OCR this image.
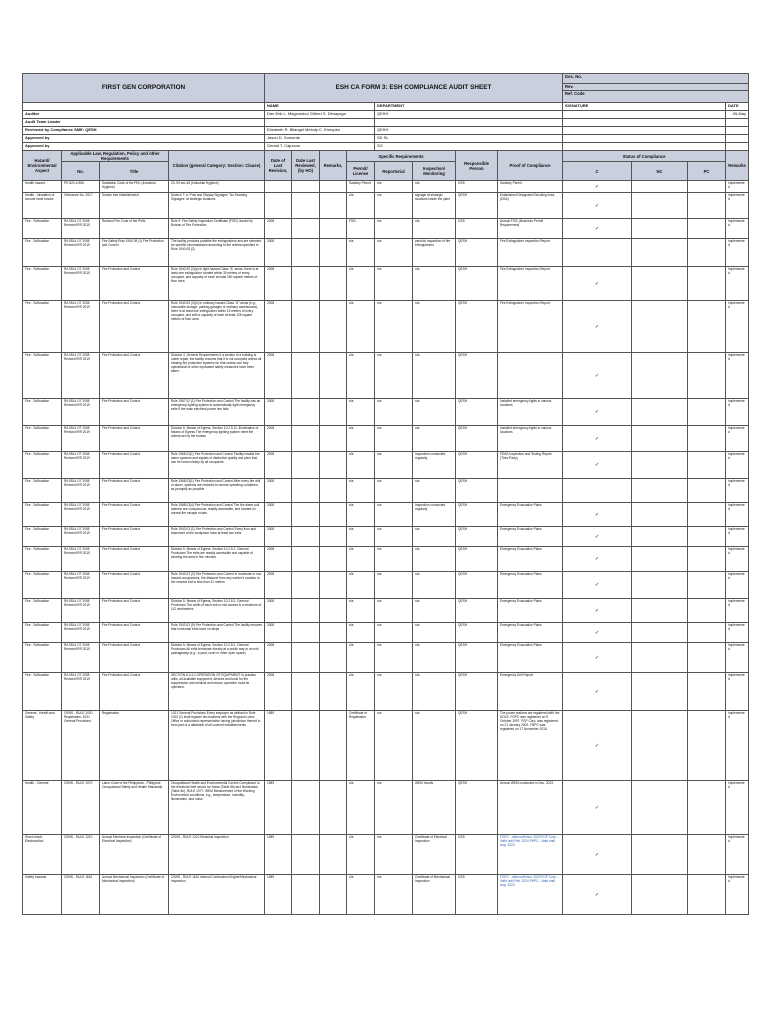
FIRST GEN CORPORATION				ESH CA FORM 3: ESH COMPLIANCE AUDIT SHEET								Doc. No.			
												Rev.			
												Ref. Code			
				NAME				DEPARTMENT				SIGNATURE			DATE
Auditor				Dan Erik L. Magcombo/ Gilbert S. Dimayuga				QESH							05-May
Audit Team Leader															
Reviewed by Compliance SME: QESH				Elizabeth R. Bilangel Melody C. Enriquez				QESH							
Approved by				Jason D. Somonte				SD SL							
Approved by				Gerald T. Cajucom				SG							
Hazard/ Environmental Aspect	Applicable Law, Regulation, Policy and other Requirements		Citation (general Category: Section: Clause)	Date of Last Revision,	Date Last Reviewed, (by HO)	Remarks,	Specific Requirements			Responsible Person	Proof of Compliance	Status of Compliance			Remarks
	No.	Title					Permit/ License	Reportorial	Inspection/ Monitoring			C	NC	PC	

Health hazard	PD 522 & 856	Sanitation Code of the Phil. (Industrial Hygiene)	Ch.VII sec.45 (Industrial Hygiene)				Sanitary Permit	n/a	n/a	GSS	Sanitary Permit	✓			Implemented
Health - inhalation of second hand smoke	Ordinance No. 2017	Smoke free establishment	Section 7: a. Post and Display Signages "No Smoking Signages" at strategic locations				n/a	n/a	signage at strategic locations inside the plant	QESH	Established Designated Smoking Area (DSA)	✓			Implemented
Fire - Suffocation	RA 9514 OT 2008 Revised IRR 2019	Revised Fire Code of the Phils.	Rule 9. Fire Safety Inspection Certificate (FSIC) issued by Bureau of Fire Protection	2008			FSIC	n/a	n/a	GSS	Annual FSIC (Business Permit Requirement)	✓			Implemented
Fire - Suffocation	RA 9514 OT 2008 Revised IRR 2019	Fire Safety Rule 1940.05 (1) Fire Protection and Control	The facility provides portable fire extinguishers and are selected for specific circumstances according to the criteria specified in Rule 1940.05 (2)	2008			n/a	n/a	periodic inspection of fire extinguishers	QESH	Fire Extinguisher Inspection Report				Implemented
Fire - Suffocation	RA 9514 OT 2008 Revised IRR 2019	Fire Protection and Control	Rule 1940.05 (3)(a) In light hazard Class "A" areas, there is at least one extinguisher located within 30 meters of every occupant, and capacity of each at least 250 square meters of floor area	2008			n/a	n/a	n/a	QESH	Fire Extinguisher Inspection Report	✓			Implemented
Fire - Suffocation	RA 9514 OT 2008 Revised IRR 2019	Fire Protection and Control	Rule 1940.05 (3)(b) In ordinary hazard Class "A" areas (e.g., mercantile storage, parking garages or ordinary warehouses), there is at least one extinguisher within 15 meters of every occupant, and with a capacity of each at least 125 square meters of floor area	2008			n/a	n/a	n/a	QESH	Fire Extinguisher Inspection Report	✓			Implemented
Fire - Suffocation	RA 9514 OT 2008 Revised IRR 2019	Fire Protection and Control	Division 3. General Requirements If a section of a building is under repair, the facility ensures that it is not occupied unless all existing fire protection systems for that section are fully operational or other equivalent safety measures have been taken.	2008			n/a	n/a	n/a	QESH		✓			Implemented
Fire - Suffocation	RA 9514 OT 2008 Revised IRR 2019	Fire Protection and Control	Rule 1967.02 (1) Fire Protection and Control The facility has an emergency lighting system to automatically light emergency exits if the main electrical power line fails	2008			n/a	n/a	n/a	QESH	Installed emergency lights in various locations	✓			Implemented
Fire - Suffocation	RA 9514 OT 2008 Revised IRR 2019	Fire Protection and Control	Division 5. Means of Egress, Section 10.2.5.11. Illumination of Means of Egress The emergency lighting system meet the criteria set by the bureau	2008			n/a	n/a	n/a	QESH	Installed emergency lights in various locations	✓			Implemented
Fire - Suffocation	RA 9514 OT 2008 Revised IRR 2019	Fire Protection and Control	Rule 1968.03(1) Fire Protection and Control Facility installs fire alarm systems and signals of distinctive quality and pitch that can be heard clearly by all occupants	2008			n/a	n/a	Inspection conducted regularly	QESH	FDAS Inspection and Testing Report (Third Party)	✓			Implemented
Fire - Suffocation	RA 9514 OT 2008 Revised IRR 2019	Fire Protection and Control	Rule 1968.03(1) Fire Protection and Control After every fire drill or alarm, systems are restored to normal operating conditions as promptly as possible	2008			n/a	n/a	n/a	QESH					Implemented
Fire - Suffocation	RA 9514 OT 2008 Revised IRR 2019	Fire Protection and Control	Rule 1968.03(4) Fire Protection and Control The fire alarm pull stations are conspicuous, readily accessible, and located on normal fire escape routes	2008			n/a	n/a	Inspection conducted regularly	QESH	Emergency Evacuation Plans	✓			Implemented
Fire - Suffocation	RA 9514 OT 2008 Revised IRR 2019	Fire Protection and Control	Rule 1943.03 (1) Fire Protection and Control Every floor and basement of the workplace have at least two exits	2008			n/a	n/a	n/a	QESH	Emergency Evacuation Plans	✓			Implemented
Fire - Suffocation	RA 9514 OT 2008 Revised IRR 2019	Fire Protection and Control	Division 5. Means of Egress, Section 10.2.5.2. General Provisions The exits are readily accessible and capable of clearing the area in five minutes	2008			n/a	n/a	n/a	QESH	Emergency Evacuation Plans	✓			Implemented
Fire - Suffocation	RA 9514 OT 2008 Revised IRR 2019	Fire Protection and Control	Rule 1943.03 (3) Fire Protection and Control In moderate or low hazard occupancies, the distance from any worker's location to the nearest exit is less than 31 meters	2008			n/a	n/a	n/a	QESH	Emergency Evacuation Plans	✓			Implemented
Fire - Suffocation	RA 9514 OT 2008 Revised IRR 2019	Fire Protection and Control	Division 5. Means of Egress, Section 10.2.5.2. General Provisions The width of each exit or exit access is a minimum of 112 centimeters	2008			n/a	n/a	n/a	QESH	Emergency Evacuation Plans	✓			Implemented
Fire - Suffocation	RA 9514 OT 2008 Revised IRR 2019	Fire Protection and Control	Rule 1943.03 (9) Fire Protection and Control The facility ensures that horizontal exits have no steps	2008			n/a	n/a	n/a	QESH	Emergency Evacuation Plans	✓			Implemented
Fire - Suffocation	RA 9514 OT 2008 Revised IRR 2019	Fire Protection and Control	Division 5. Means of Egress, Section 10.2.5.2. General Provisions All exits terminate directly at a public way or an exit passageway (e.g., a yard, court or other open space)	2008			n/a	n/a	n/a	QESH	Emergency Evacuation Plans	✓			Implemented
Fire - Suffocation	RA 9514 OT 2008 Revised IRR 2019	Fire Protection and Control	SECTION 6.0.4.2 OPERATION OF EQUIPMENT In practice drills, all available equipment, devices and tools for fire suppression and medical and rescue operation must be operated.	2008			n/a	n/a	n/a	QESH	Emergency Drill Report	✓			Implemented
General - Health and Safety	OSHS - RULE 1020 Registration, 1021 General Provisions	Registration	1021 General Provisions Every employer as defined in Rule 1002 (1) shall register his business with the Regional Labor Office or authorized representative having jurisdiction thereof to form part of a databank of all covered establishments	1989			Certificate of Registration	n/a	n/a	QESH	The power stations are registered with the DOLE. FGPC was registered on 9 October 1997. FGP Corp. was registered on 21 January 2002. FNPC was registered on 17 November 2016.	✓			Implemented
Health - General	OSHS - RULE 1070	Labor Code of the Philippines - Philippine Occupational Safety and Health Standards	Occupational Health and Environmental Control Compliance to the threshold limit values for Noise (Table 8b) and Illumination (Table 8c). RULE 1077: WEM Measurement of the Working Environment conditions, e.g., temperature, humidity, illumination, and noise.	1989			n/a	n/a	WEM results	QESH	Annual WEM conducted in Dec. 2023	✓			Implemented
Short circuit, Electrocution	OSHS - RULE 1210	Annual Electrical Inspection (Certificate of Electrical Inspection)	OSHS - RULE 1210 Electrical Inspection	1989			n/a	n/a	Certificate of Electrical Inspection	GSS	FGPC - Valid until Nov. 2023 FGP Corp. - Valid until Feb. 2024 FNPC - Valid until Aug. 2023	✓			Implemented
Safety hazards	OSHS - RULE 1160	Annual Mechanical Inspection (Certificate of Mechanical Inspection)	OSHS - RULE 1160 Internal Combustion Engine/Mechanical Inspection	1989			n/a	n/a	Certificate of Mechanical Inspection	GSS	FGPC - Valid until Nov. 2023 FGP Corp. - Valid until Feb. 2024 FNPC - Valid until Aug. 2023	✓			Implemented
